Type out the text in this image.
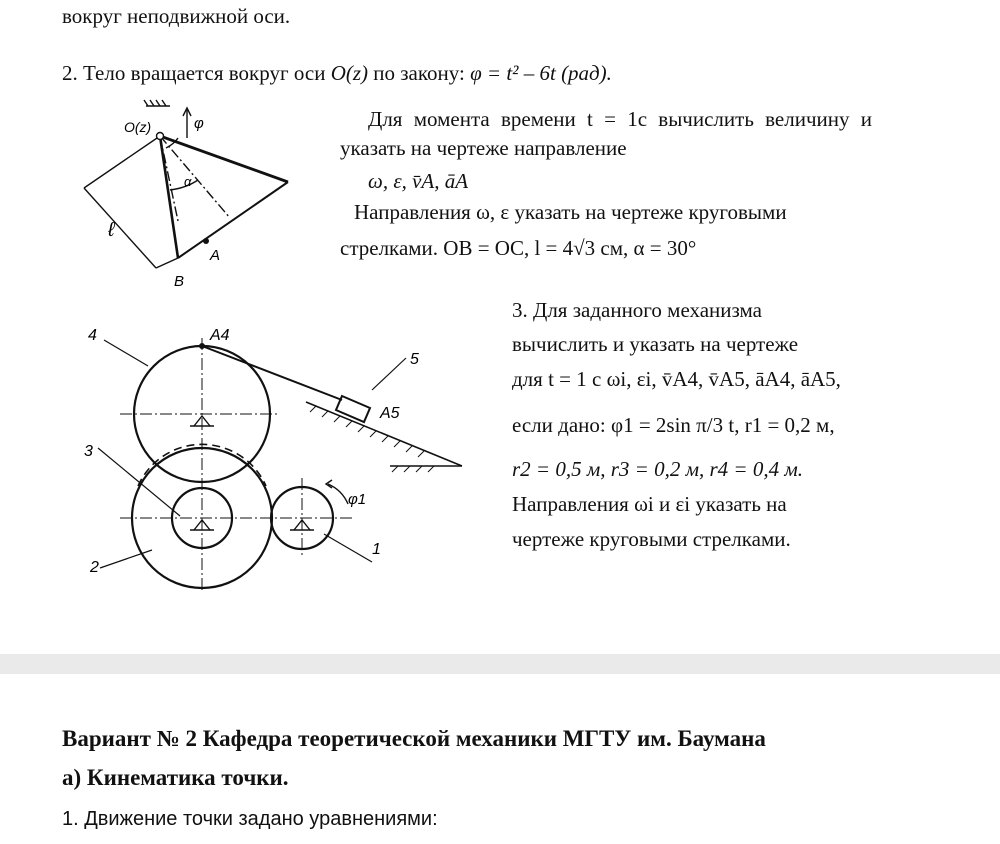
вокруг неподвижной оси.
2. Тело вращается вокруг оси O(z) по закону: φ = t² – 6t (рад).
Для момента времени t = 1c вычислить величину и
указать на чертеже направление
ω, ε, v̄A, āA
Направления ω, ε указать на чертеже круговыми
стрелками. OB = OC, l = 4√3 см, α = 30°
3. Для заданного механизма
вычислить и указать на чертеже
для t = 1 c ωi, εi, v̄A4, v̄A5, āA4, āA5,
если дано: φ1 = 2sin π/3 t, r1 = 0,2 м,
r2 = 0,5 м, r3 = 0,2 м, r4 = 0,4 м.
Направления ωi и εi указать на
чертеже круговыми стрелками.
O(z)	φ
α
ℓ
A
B
4	A4
5
A5
3
2
1
φ1
Вариант № 2 Кафедра теоретической механики МГТУ им. Баумана
а) Кинематика точки.
1. Движение точки задано уравнениями:
